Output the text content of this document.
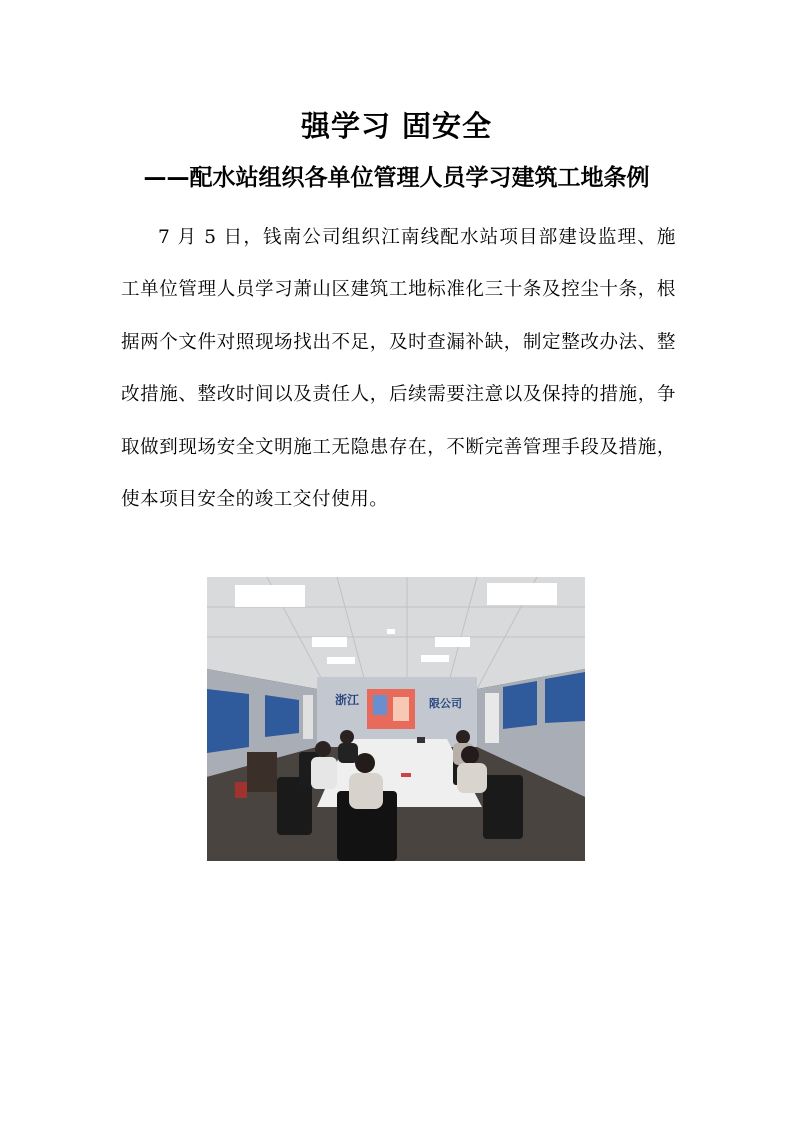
强学习 固安全
——配水站组织各单位管理人员学习建筑工地条例

7 月 5 日，钱南公司组织江南线配水站项目部建设监理、施工单位管理人员学习萧山区建筑工地标准化三十条及控尘十条，根据两个文件对照现场找出不足，及时查漏补缺，制定整改办法、整改措施、整改时间以及责任人，后续需要注意以及保持的措施，争取做到现场安全文明施工无隐患存在，不断完善管理手段及措施，使本项目安全的竣工交付使用。

浙江	限公司
